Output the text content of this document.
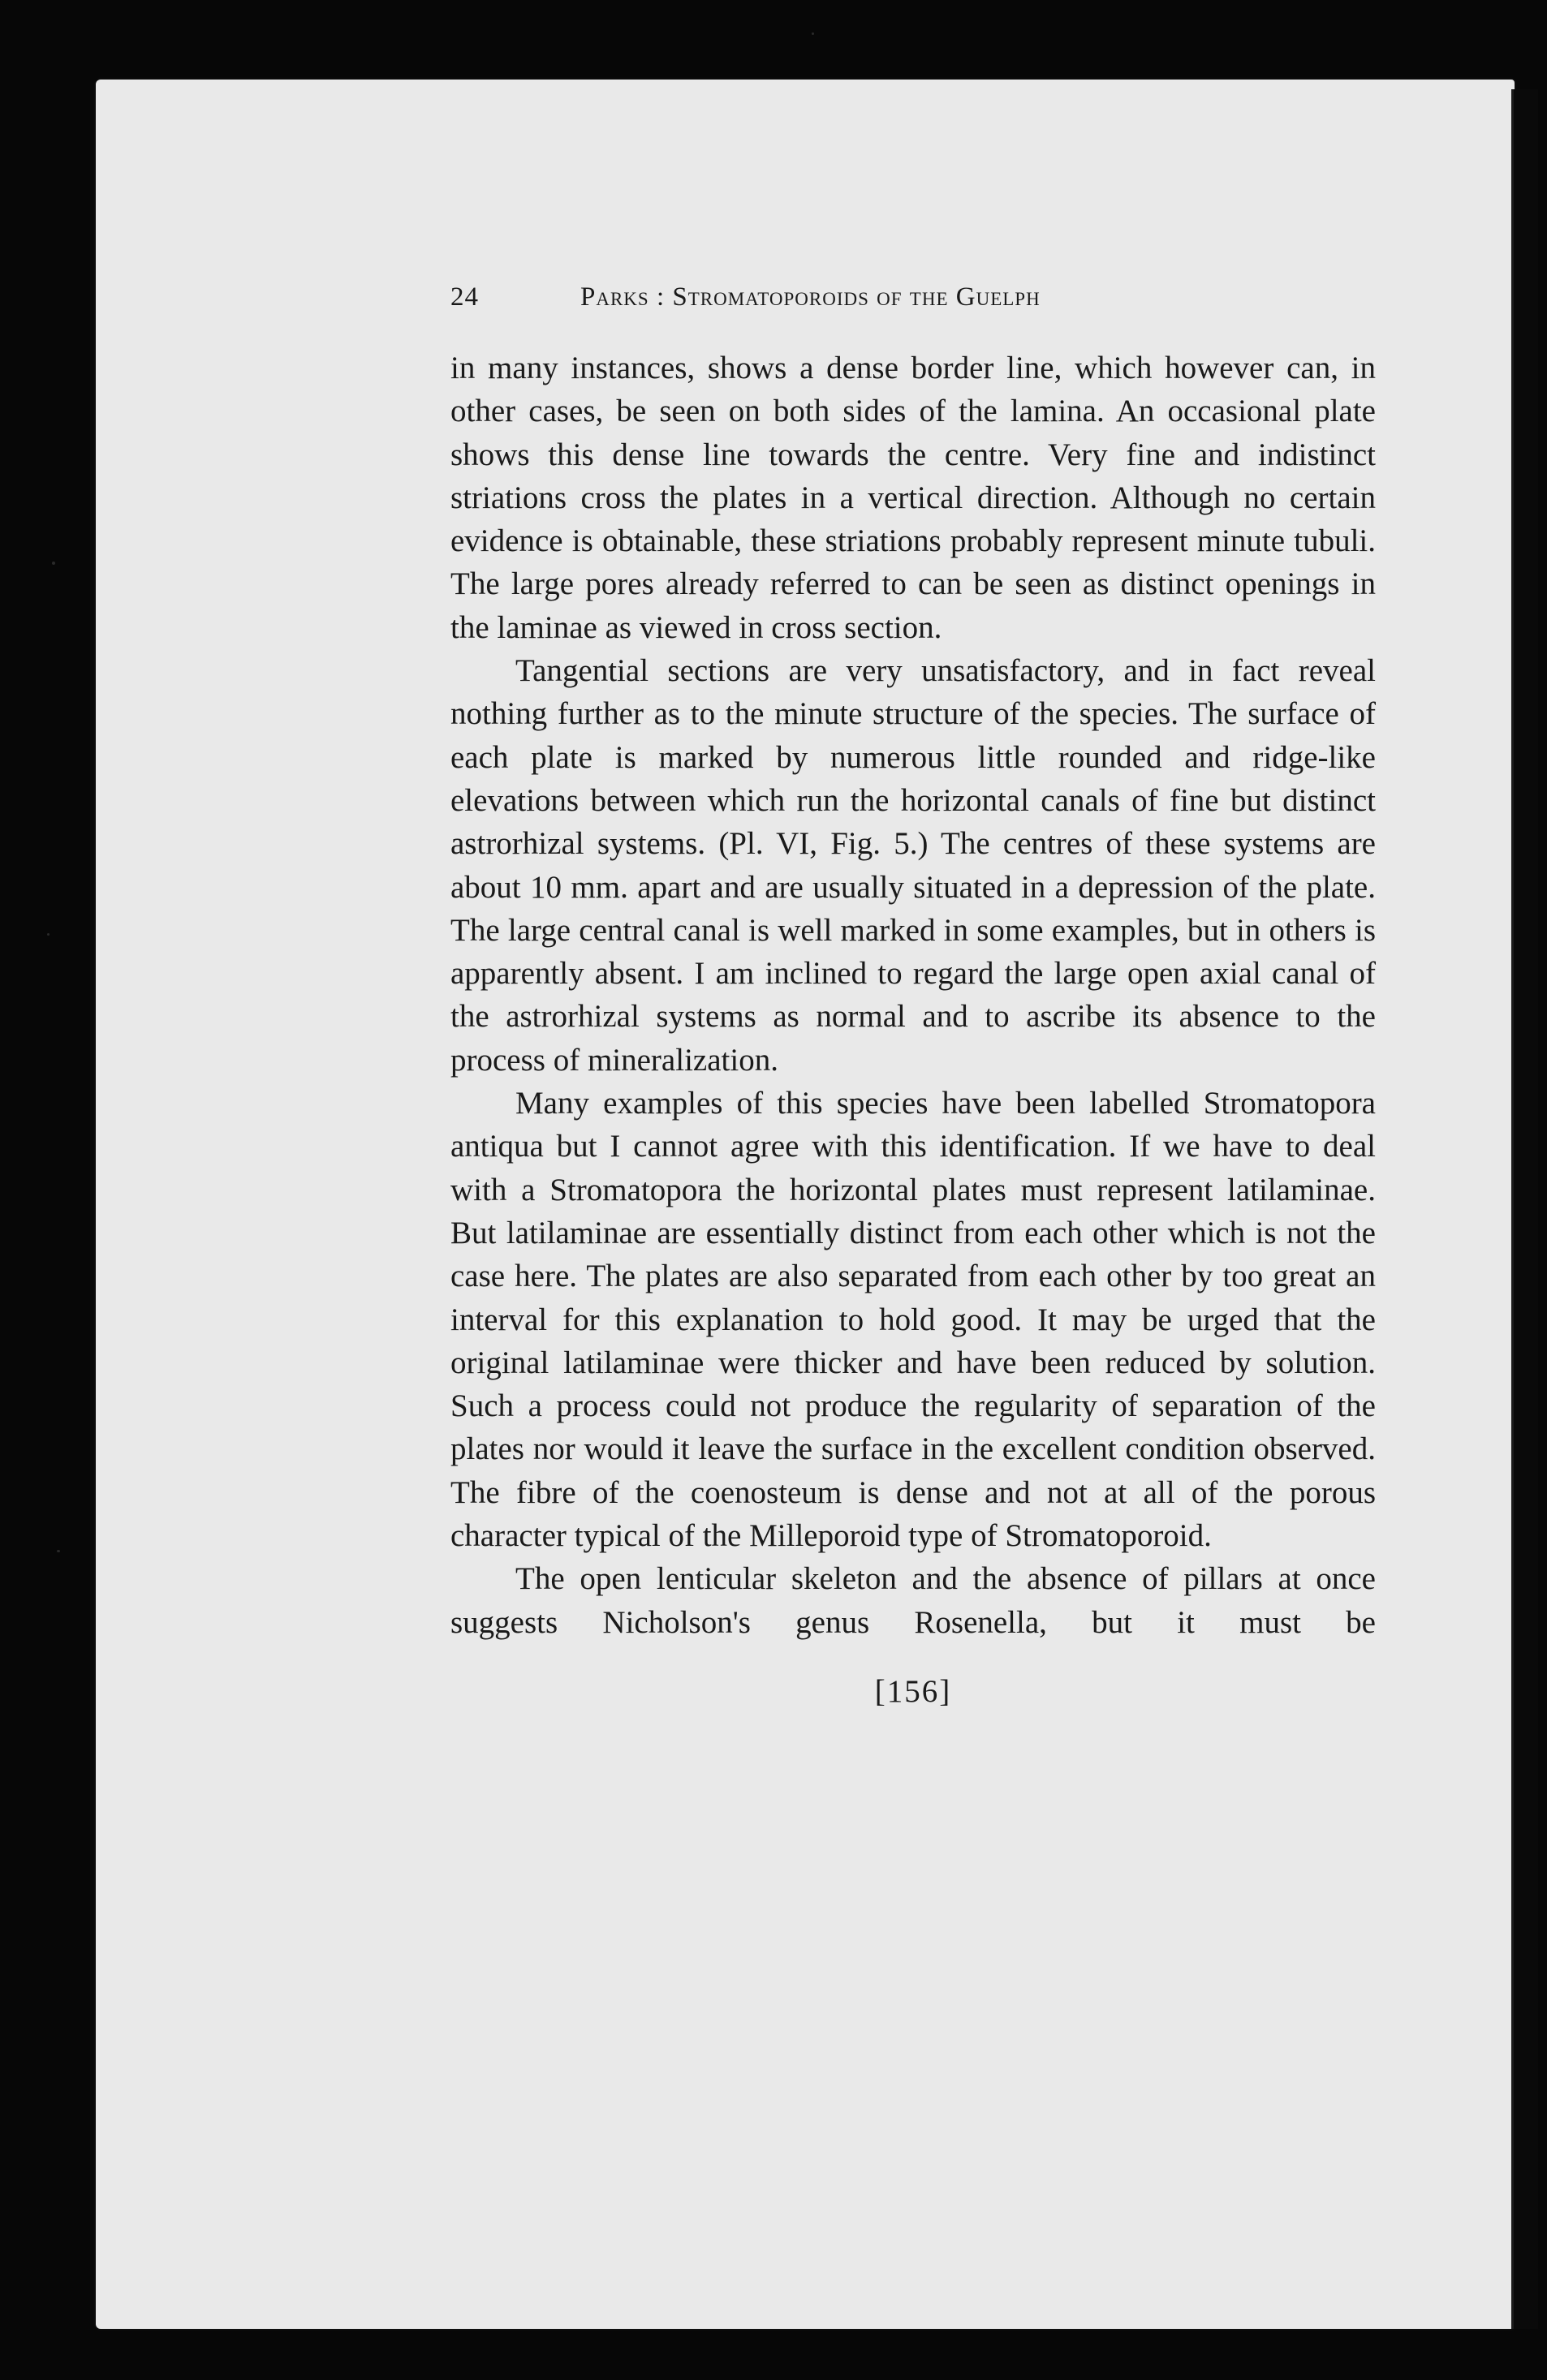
24	Parks : Stromatoporoids of the Guelph

in many instances, shows a dense border line, which however can, in other cases, be seen on both sides of the lamina. An occasional plate shows this dense line towards the centre. Very fine and indistinct striations cross the plates in a vertical direction. Although no certain evidence is obtainable, these striations probably represent minute tubuli. The large pores already referred to can be seen as distinct openings in the laminae as viewed in cross section.

Tangential sections are very unsatisfactory, and in fact reveal nothing further as to the minute structure of the species. The surface of each plate is marked by numerous little rounded and ridge-like elevations between which run the horizontal canals of fine but distinct astrorhizal systems. (Pl. VI, Fig. 5.) The centres of these systems are about 10 mm. apart and are usually situated in a depression of the plate. The large central canal is well marked in some examples, but in others is apparently absent. I am inclined to regard the large open axial canal of the astrorhizal systems as normal and to ascribe its absence to the process of mineralization.

Many examples of this species have been labelled Stromatopora antiqua but I cannot agree with this identification. If we have to deal with a Stromatopora the horizontal plates must represent latilaminae. But latilaminae are essentially distinct from each other which is not the case here. The plates are also separated from each other by too great an interval for this explanation to hold good. It may be urged that the original latilaminae were thicker and have been reduced by solution. Such a process could not produce the regularity of separation of the plates nor would it leave the surface in the excellent condition observed. The fibre of the coenosteum is dense and not at all of the porous character typical of the Milleporoid type of Stromatoporoid.

The open lenticular skeleton and the absence of pillars at once suggests Nicholson's genus Rosenella, but it must be

[156]
